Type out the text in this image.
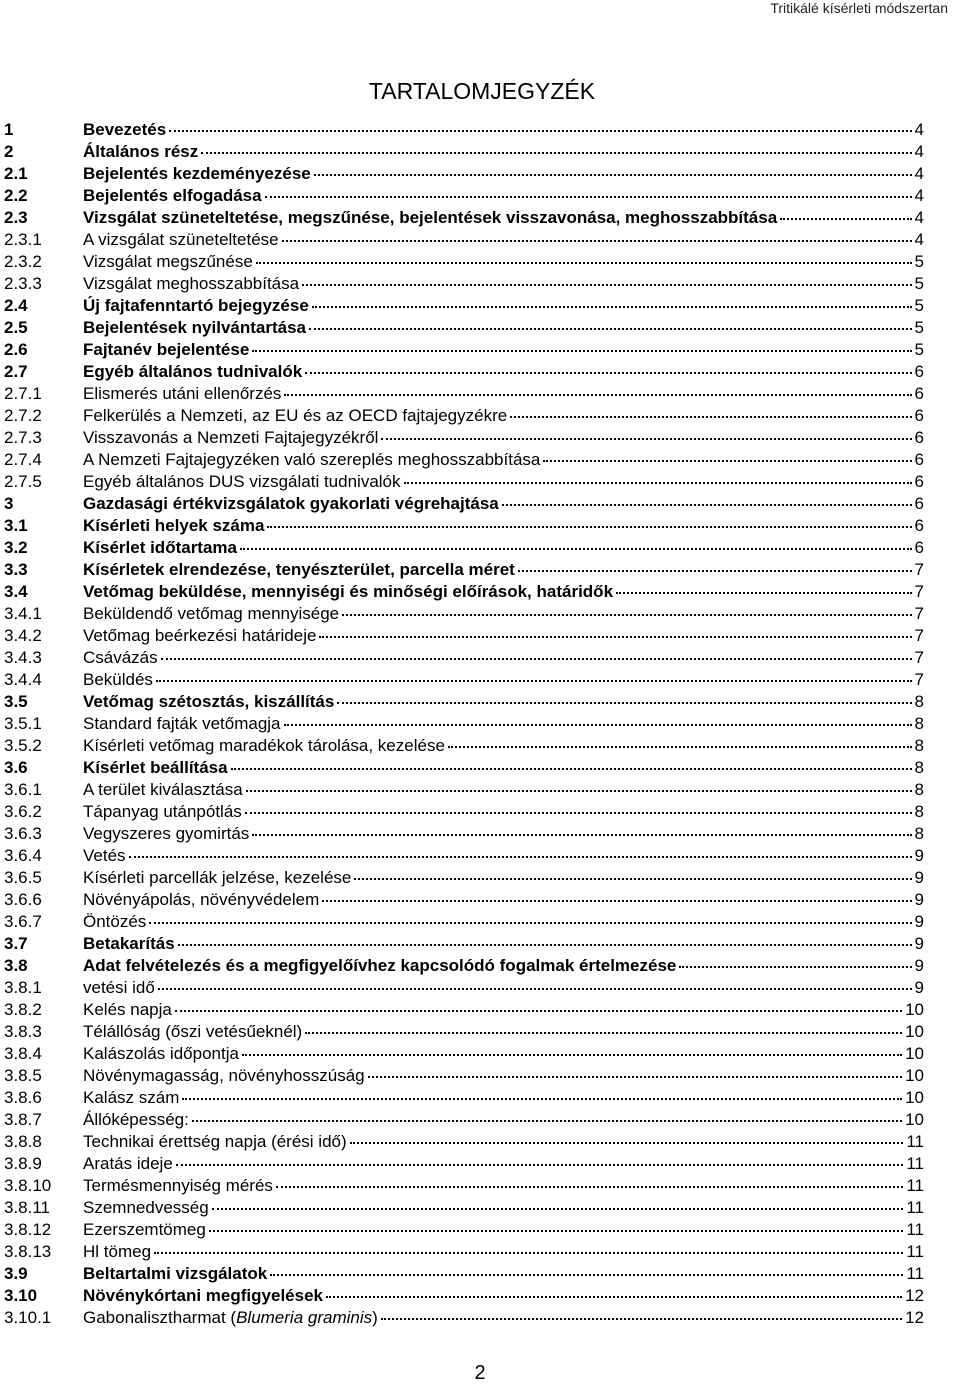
Tritikálé kísérleti módszertan
TARTALOMJEGYZÉK
1	Bevezetés	4
2	Általános rész	4
2.1	Bejelentés kezdeményezése	4
2.2	Bejelentés elfogadása	4
2.3	Vizsgálat szüneteltetése, megszűnése, bejelentések visszavonása, meghosszabbítása	4
2.3.1	A vizsgálat szüneteltetése	4
2.3.2	Vizsgálat megszűnése	5
2.3.3	Vizsgálat meghosszabbítása	5
2.4	Új fajtafenntartó bejegyzése	5
2.5	Bejelentések nyilvántartása	5
2.6	Fajtanév bejelentése	5
2.7	Egyéb általános tudnivalók	6
2.7.1	Elismerés utáni ellenőrzés	6
2.7.2	Felkerülés a Nemzeti, az EU és az OECD fajtajegyzékre	6
2.7.3	Visszavonás a Nemzeti Fajtajegyzékről	6
2.7.4	A Nemzeti Fajtajegyzéken való szereplés meghosszabbítása	6
2.7.5	Egyéb általános DUS vizsgálati tudnivalók	6
3	Gazdasági értékvizsgálatok gyakorlati végrehajtása	6
3.1	Kísérleti helyek száma	6
3.2	Kísérlet időtartama	6
3.3	Kísérletek elrendezése, tenyészterület, parcella méret	7
3.4	Vetőmag beküldése, mennyiségi és minőségi előírások, határidők	7
3.4.1	Beküldendő vetőmag mennyisége	7
3.4.2	Vetőmag beérkezési határideje	7
3.4.3	Csávázás	7
3.4.4	Beküldés	7
3.5	Vetőmag szétosztás, kiszállítás	8
3.5.1	Standard fajták vetőmagja	8
3.5.2	Kísérleti vetőmag maradékok tárolása, kezelése	8
3.6	Kísérlet beállítása	8
3.6.1	A terület kiválasztása	8
3.6.2	Tápanyag utánpótlás	8
3.6.3	Vegyszeres gyomirtás	8
3.6.4	Vetés	9
3.6.5	Kísérleti parcellák jelzése, kezelése	9
3.6.6	Növényápolás, növényvédelem	9
3.6.7	Öntözés	9
3.7	Betakarítás	9
3.8	Adat felvételezés és a megfigyelőívhez kapcsolódó fogalmak értelmezése	9
3.8.1	vetési idő	9
3.8.2	Kelés napja	10
3.8.3	Télállóság (őszi vetésűeknél)	10
3.8.4	Kalászolás időpontja	10
3.8.5	Növénymagasság, növényhosszúság	10
3.8.6	Kalász szám	10
3.8.7	Állóképesség:	10
3.8.8	Technikai érettség napja (érési idő)	11
3.8.9	Aratás ideje	11
3.8.10	Termésmennyiség mérés	11
3.8.11	Szemnedvesség	11
3.8.12	Ezerszemtömeg	11
3.8.13	Hl tömeg	11
3.9	Beltartalmi vizsgálatok	11
3.10	Növénykórtani megfigyelések	12
3.10.1	Gabonalisztharmat (Blumeria graminis)	12
2
